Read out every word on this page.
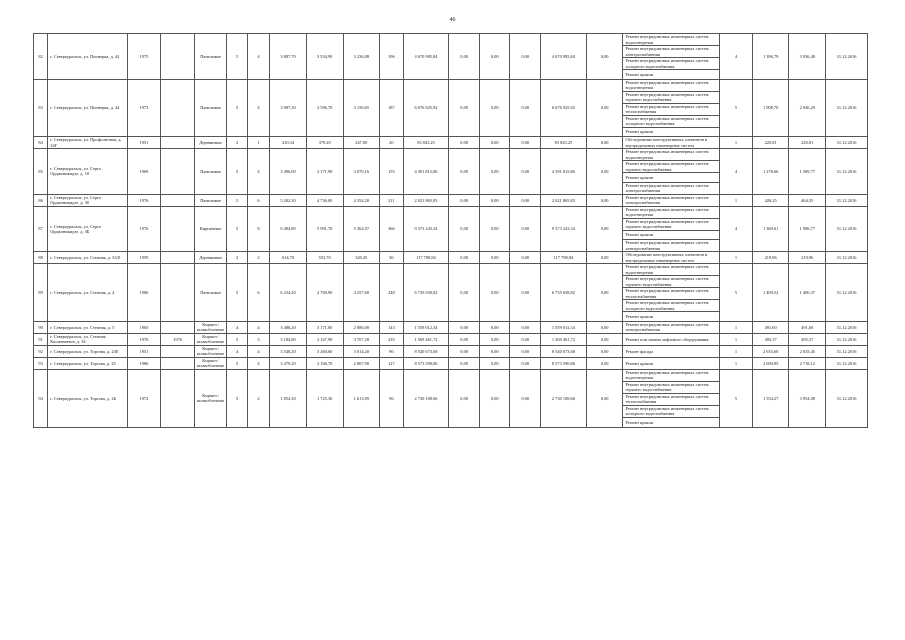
46
82	г. Североуральск, ул. Пионерка, д. 42	1975		Панельные	5	4	3 887,70	3 534,90	3 236,88	196	4 670 985,84	0,00	0,00	0,00	4 670 985,84	0,00	Ремонт внутридомовых инженерных систем водоотведения	4	1 396,79	3 936,48	31.12.2016
																	Ремонт внутридомовых инженерных систем электроснабжения				
																	Ремонт внутридомовых инженерных систем холодного водоснабжения				
																	Ремонт крыши				
83	г. Североуральск, ул. Пионерка, д. 44	1973		Панельные	5	4	3 987,30	3 596,70	3 156,65	187	6 676 925,92	0,00	0,00	0,00	6 676 925,92	0,00	Ремонт внутридомовых инженерных систем водоотведения	5	1 908,70	2 946,29	31.12.2016
																	Ремонт внутридомовых инженерных систем горячего водоснабжения				
																	Ремонт внутридомовых инженерных систем теплоснабжения				
																	Ремонт внутридомовых инженерных систем холодного водоснабжения				
																	Ремонт крыши				
84	г. Североуральск, ул. Профсоюзная, д. 34Г	1951		Деревянные	2	1	410,34	379,20	247,00	20	83 843,25	0,00	0,00	0,00	83 843,25	0,00	Обследование конструктивных элементов и внутридомовых инженерных систем	1	220,81	220,81	31.12.2016
85	г. Североуральск, ул. Серго Орджоникидзе, д. 10	1969		Панельные	5	4	3 496,00	3 171,90	3 070,16	155	4 391 815,86	0,00	0,00	0,00	4 391 815,86	0,00	Ремонт внутридомовых инженерных систем водоотведения	4	1 278,66	1 589,77	31.12.2016
																	Ремонт внутридомовых инженерных систем горячего водоснабжения				
																	Ремонт крыши				
																	Ремонт внутридомовых инженерных систем электроснабжения				
86	г. Североуральск, ул. Серго Орджоникидзе, д. 3б	1976		Панельные	5	6	5 202,30	4 736,00	4 354,20	211	2 021 865,83	0,00	0,00	0,00	2 021 865,83	0,00	Ремонт внутридомовых инженерных систем электроснабжения	1	426,25	464,55	31.12.2016
87	г. Североуральск, ул. Серго Орджоникидзе, д. 3Б	1976		Кирпичные	5	8	6 404,80	5 991,70	5 362,07	366	9 373 243,34	0,00	0,00	0,00	9 373 243,34	0,00	Ремонт внутридомовых инженерных систем водоотведения	4	1 369,61	1 986,77	31.12.2016
																	Ремонт внутридомовых инженерных систем горячего водоснабжения				
																	Ремонт крыши				
																	Ремонт внутридомовых инженерных систем электроснабжения				
88	г. Североуральск, ул. Степная, д. 33/8	1959		Деревянные	2	2	614,70	553,70	320,45	36	117 798,84	0,00	0,00	0,00	117 798,84	0,00	Обследование конструктивных элементов и внутридомовых инженерных систем	1	219,96	219,96	31.12.2016
89	г. Североуральск, ул. Степная, д. 4	1986		Панельные	5	6	6 234,20	4 769,90	4 257,60	248	6 735 658,82	0,00	0,00	0,00	6 735 658,82	0,00	Ремонт внутридомовых инженерных систем водоотведения	5	1 409,52	1 406,37	31.12.2016
																	Ремонт внутридомовых инженерных систем горячего водоснабжения				
																	Ремонт внутридомовых инженерных систем теплоснабжения				
																	Ремонт внутридомовых инженерных систем холодного водоснабжения				
																	Ремонт крыши				
90	г. Североуральск, ул. Степная, д. 5	1965		Кирпич / шлакоблочные	4	4	3 486,20	3 171,00	2 886,00	143	1 559 012,34	0,00	0,00	0,00	1 559 012,34	0,00	Ремонт внутридомовых инженерных систем электроснабжения	1	491,60	491,60	31.12.2016
91	г. Североуральск, ул. Степная Космонавтов, д. 34	1976	1976	Кирпич / шлакоблочные	5	3	3 184,80	3 167,90	3 707,28	235	1 569 461,72	0,00	0,00	0,00	1 569 461,72	0,00	Ремонт или замена лифтового оборудования	1	495,37	495,37	31.12.2016
92	г. Североуральск, ул. Торгова, д. 23Е	1951		Кирпич / шлакоблочные	4	4	3 548,20	3 260,60	3 014,20	96	8 540 673,68	0,00	0,00	0,00	8 540 673,68	0,00	Ремонт фасада	1	2 635,60	2 635,45	31.12.2016
93	г. Североуральск, ул. Торгова, д. 25	1986		Кирпич / шлакоблочные	5	4	3 479,20	3 166,70	2 867,90	127	8 573 590,86	0,00	0,00	0,00	8 573 590,86	0,00	Ремонт крыши	1	2 690,95	2 718,12	31.12.2016
94	г. Североуральск, ул. Торгова, д. 2Б	1972		Кирпич / шлакоблочные	5	2	1 854,30	1 725,30	1 613,09	96	2 730 108,66	0,00	0,00	0,00	2 730 108,66	0,00	Ремонт внутридомовых инженерных систем водоотведения	5	1 554,27	3 954,08	31.12.2016
																	Ремонт внутридомовых инженерных систем горячего водоснабжения				
																	Ремонт внутридомовых инженерных систем теплоснабжения				
																	Ремонт внутридомовых инженерных систем холодного водоснабжения				
																	Ремонт крыши				
